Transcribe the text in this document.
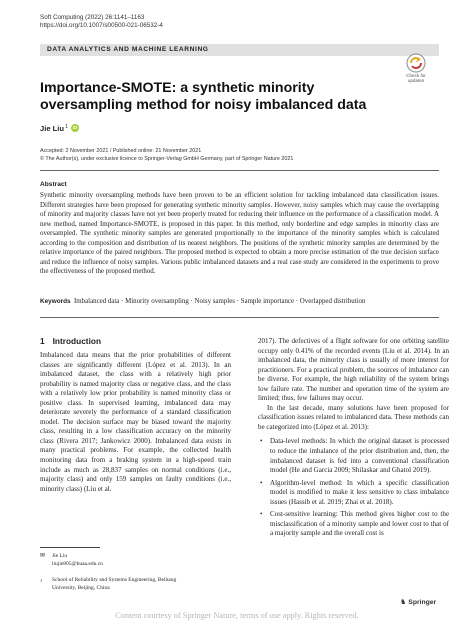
Soft Computing (2022) 26:1141–1163
https://doi.org/10.1007/s00500-021-06532-4
DATA ANALYTICS AND MACHINE LEARNING
Check for
updates
Importance-SMOTE: a synthetic minority oversampling method for noisy imbalanced data
Jie Liu 1	iD
Accepted: 2 November 2021 / Published online: 21 November 2021
© The Author(s), under exclusive licence to Springer-Verlag GmbH Germany, part of Springer Nature 2021
Abstract
Synthetic minority oversampling methods have been proven to be an efficient solution for tackling imbalanced data classification issues. Different strategies have been proposed for generating synthetic minority samples. However, noisy samples which may cause the overlapping of minority and majority classes have not yet been properly treated for reducing their influence on the performance of a classification model. A new method, named Importance-SMOTE, is proposed in this paper. In this method, only borderline and edge samples in minority class are oversampled. The synthetic minority samples are generated proportionally to the importance of the minority samples which is calculated according to the composition and distribution of its nearest neighbors. The positions of the synthetic minority samples are determined by the relative importance of the paired neighbors. The proposed method is expected to obtain a more precise estimation of the true decision surface and reduce the influence of noisy samples. Various public imbalanced datasets and a real case study are considered in the experiments to prove the effectiveness of the proposed method.
Keywords Imbalanced data · Minority oversampling · Noisy samples · Sample importance · Overlapped distribution
1 Introduction
Imbalanced data means that the prior probabilities of different classes are significantly different (López et al. 2013). In an imbalanced dataset, the class with a relatively high prior probability is named majority class or negative class, and the class with a relatively low prior probability is named minority class or positive class. In supervised learning, imbalanced data may deteriorate severely the performance of a standard classification model. The decision surface may be biased toward the majority class, resulting in a low classification accuracy on the minority class (Rivera 2017; Jankowicz 2000). Imbalanced data exists in many practical problems. For example, the collected health monitoring data from a braking system in a high-speed train include as much as 28,837 samples on normal conditions (i.e., majority class) and only 159 samples on faulty conditions (i.e., minority class) (Liu et al.

2017). The defectives of a flight software for one orbiting satellite occupy only 0.41% of the recorded events (Liu et al. 2014). In an imbalanced data, the minority class is usually of more interest for practitioners. For a practical problem, the sources of imbalance can be diverse. For example, the high reliability of the system brings low failure rate. The number and operation time of the system are limited; thus, few failures may occur.

In the last decade, many solutions have been proposed for classification issues related to imbalanced data. These methods can be categorized into (López et al. 2013):

• Data-level methods: In which the original dataset is processed to reduce the imbalance of the prior distribution and, then, the imbalanced dataset is fed into a conventional classification model (He and Garcia 2009; Shilaskar and Ghatol 2019).
• Algorithm-level method: In which a specific classification model is modified to make it less sensitive to class imbalance issues (Hassib et al. 2019; Zhai et al. 2018).
• Cost-sensitive learning: This method gives higher cost to the misclassification of a minority sample and lower cost to that of a majority sample and the overall cost is
✉ Jie Liu
liujie805@buaa.edu.cn
1	School of Reliability and Systems Engineering, Beihang
University, Beijing, China
♞ Springer
Content courtesy of Springer Nature, terms of use apply. Rights reserved.
